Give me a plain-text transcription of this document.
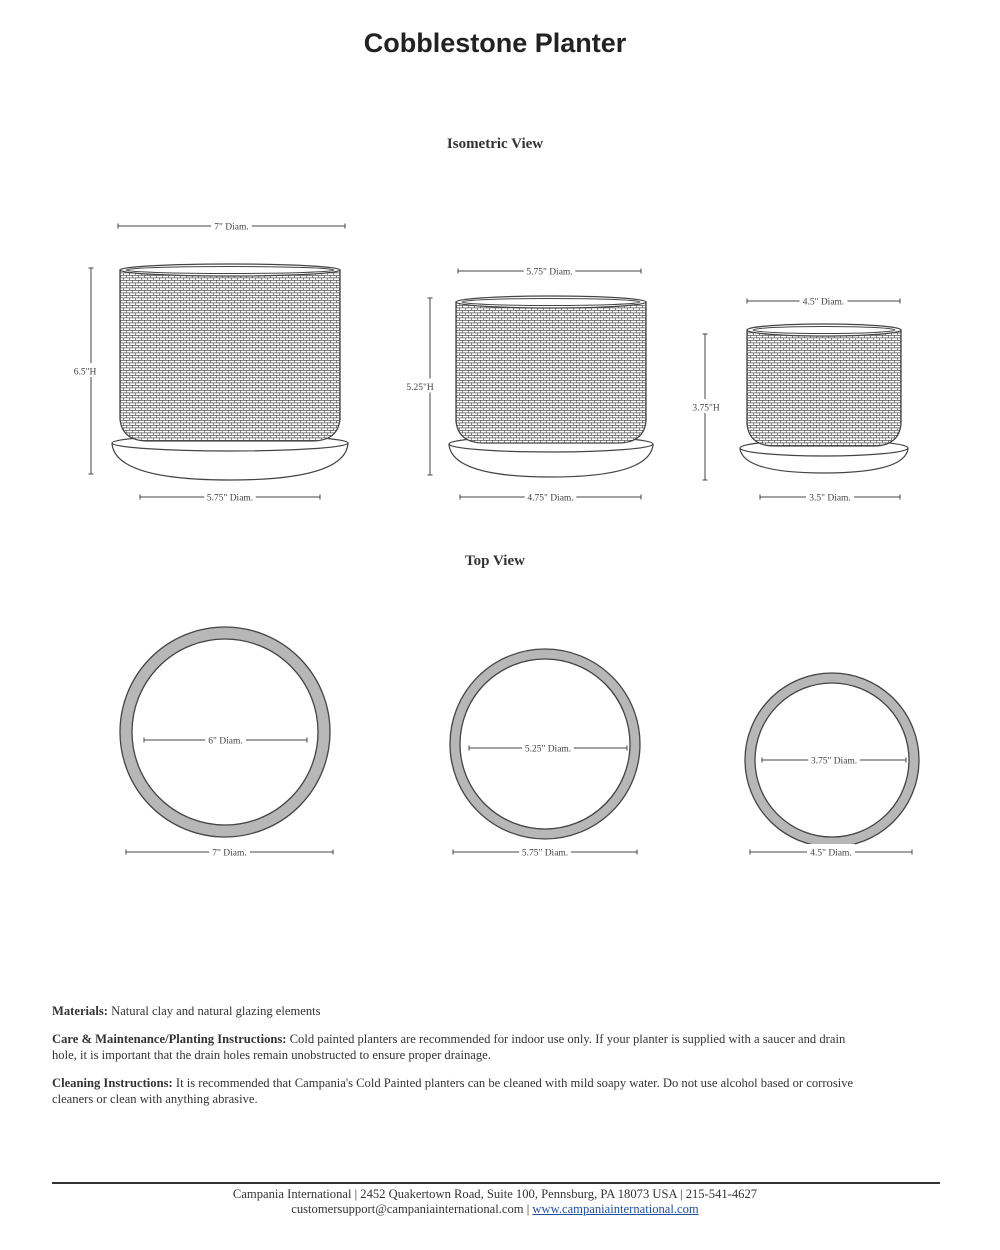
Cobblestone Planter
Isometric View
Top View
7" Diam.
5.75" Diam.
6.5"H
5.75" Diam.
4.75" Diam.
5.25"H
4.5" Diam.
3.5" Diam.
3.75"H
6" Diam.
7" Diam.
5.25" Diam.
5.75" Diam.
3.75" Diam.
4.5" Diam.

Materials: Natural clay and natural glazing elements

Care & Maintenance/Planting Instructions: Cold painted planters are recommended for indoor use only. If your planter is supplied with a saucer and drain hole, it is important that the drain holes remain unobstructed to ensure proper drainage.

Cleaning Instructions: It is recommended that Campania's Cold Painted planters can be cleaned with mild soapy water. Do not use alcohol based or corrosive cleaners or clean with anything abrasive.

Campania International | 2452 Quakertown Road, Suite 100, Pennsburg, PA 18073 USA | 215-541-4627
customersupport@campaniainternational.com | www.campaniainternational.com
